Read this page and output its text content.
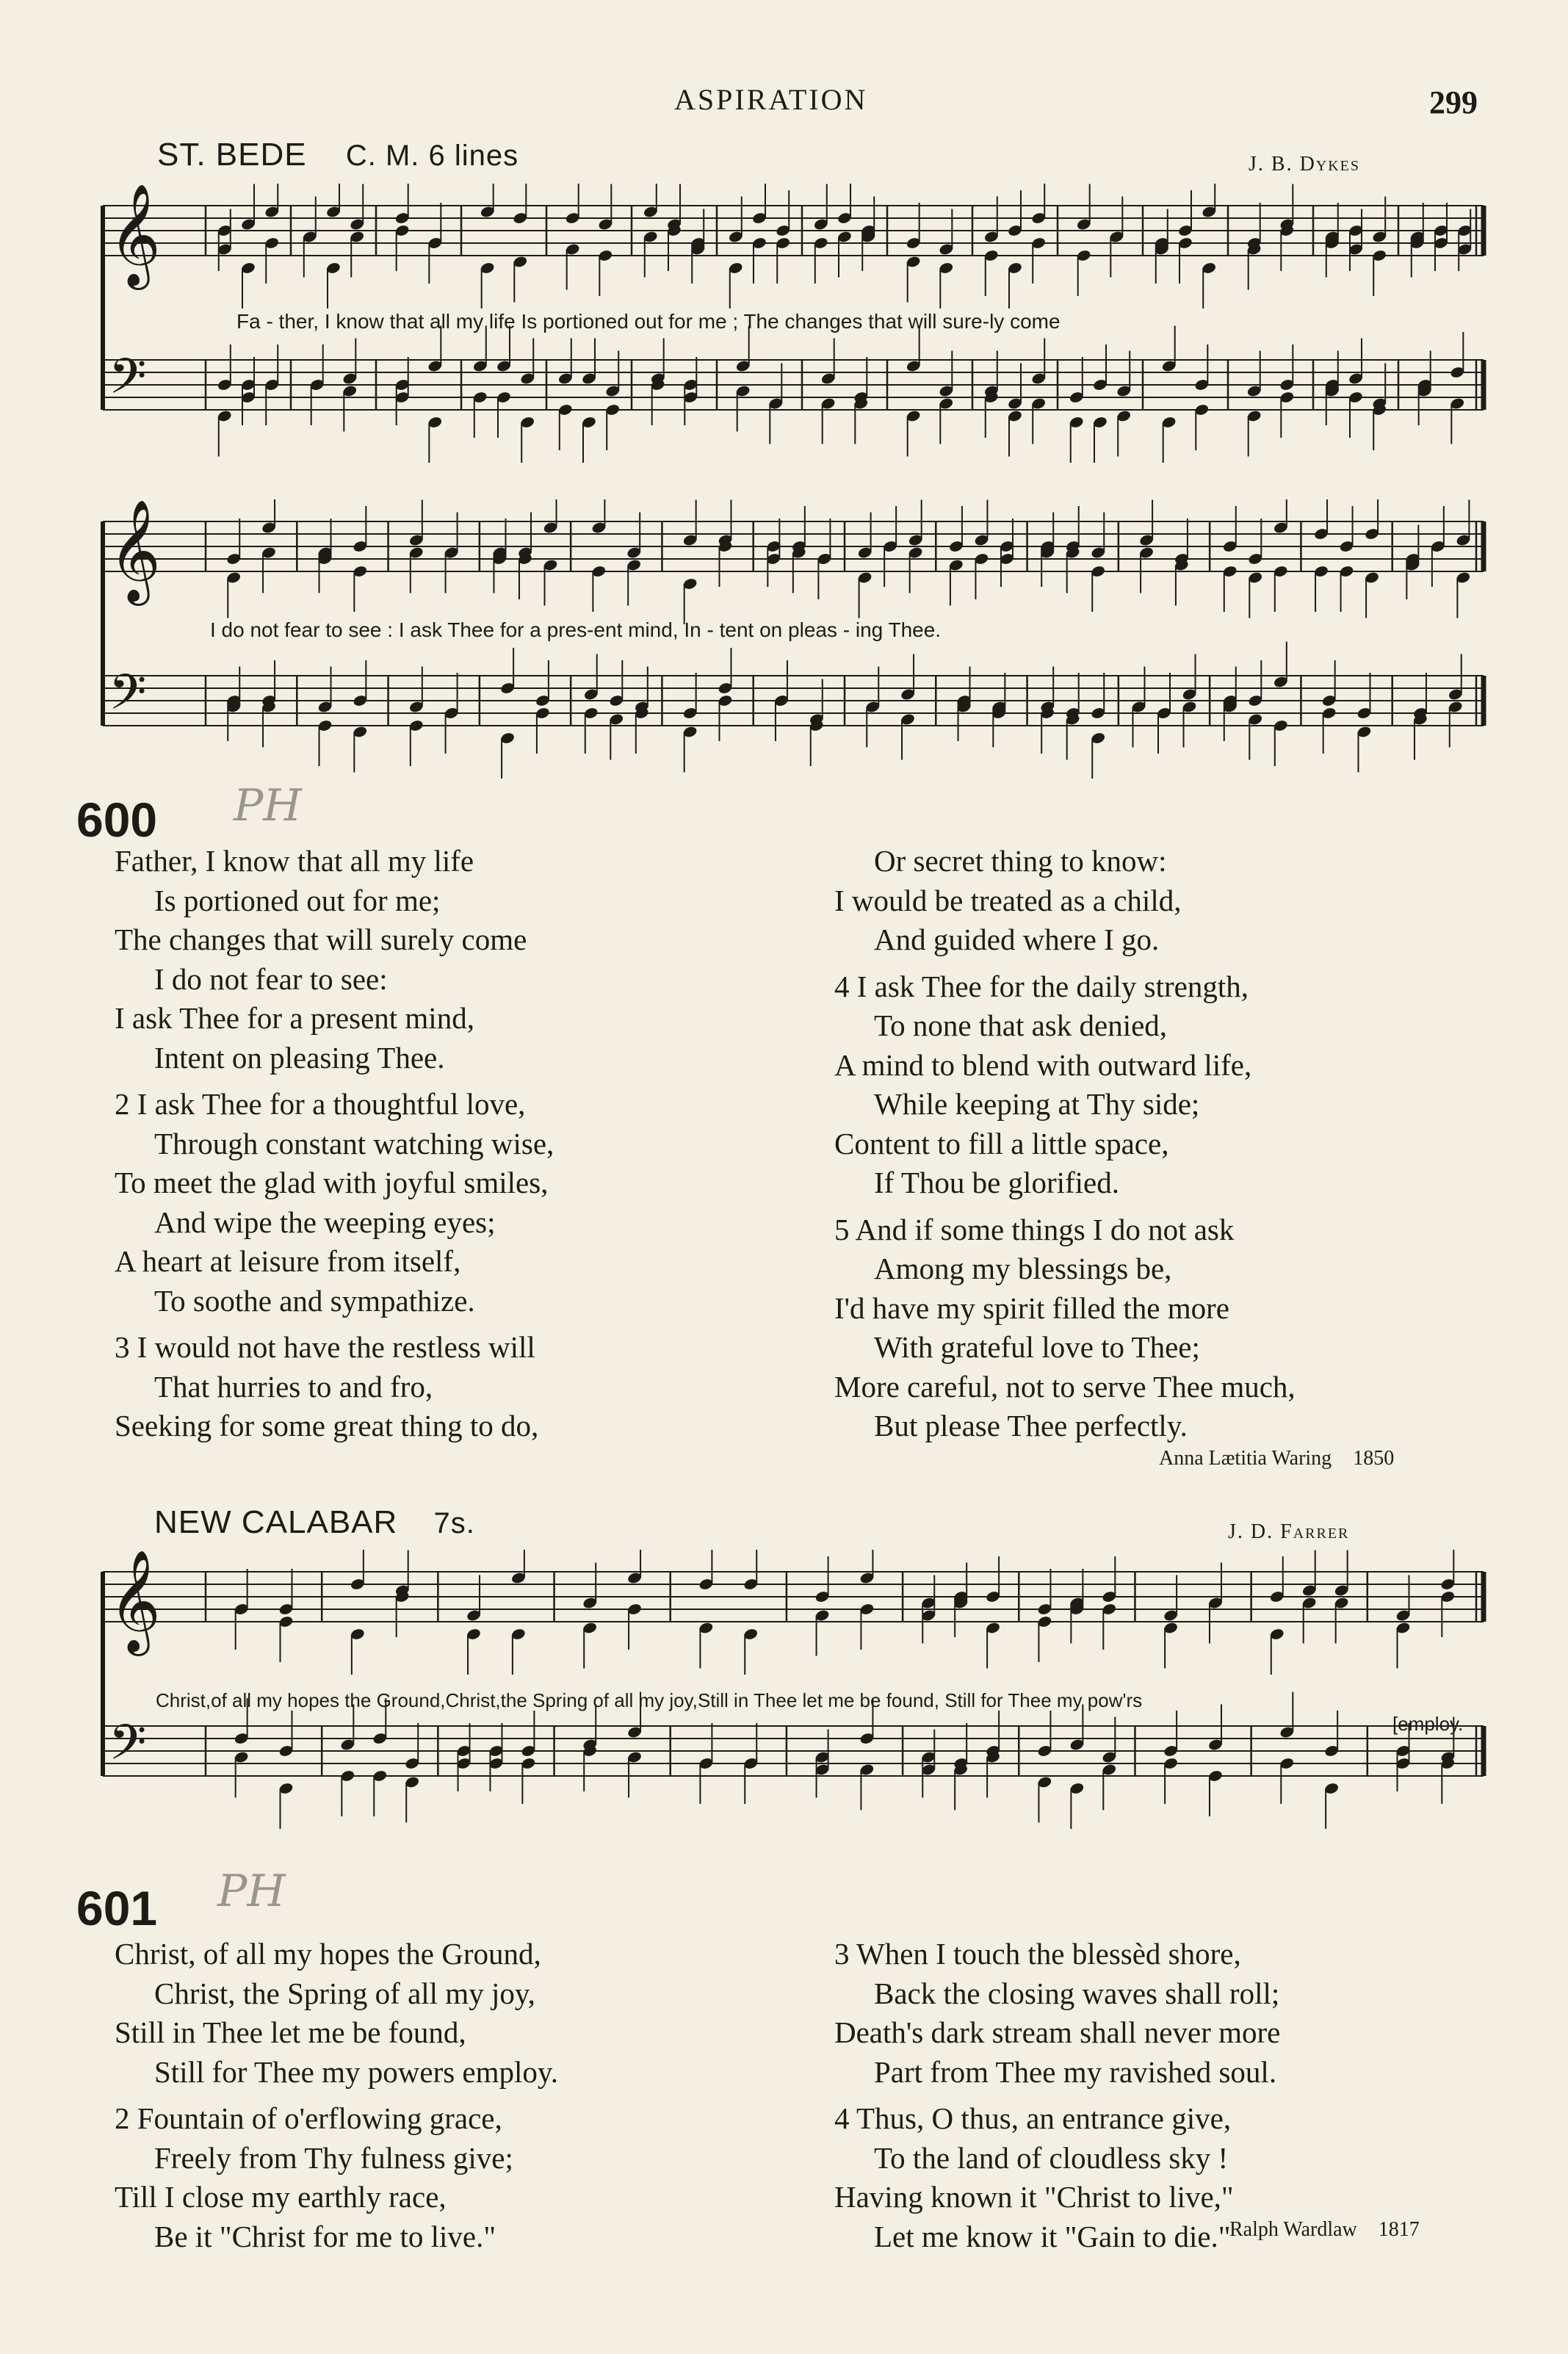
ASPIRATION	299
ST. BEDE C. M. 6 lines	J. B. Dykes
𝄞
𝄢
Fa - ther, I know that all my life Is portioned out for me ; The changes that will sure-ly come
𝄞
𝄢
I do not fear to see : I ask Thee for a pres-ent mind, In - tent on pleas - ing Thee.
600 PH
Father, I know that all my life
Is portioned out for me;
The changes that will surely come
I do not fear to see:
I ask Thee for a present mind,
Intent on pleasing Thee.
2 I ask Thee for a thoughtful love,
Through constant watching wise,
To meet the glad with joyful smiles,
And wipe the weeping eyes;
A heart at leisure from itself,
To soothe and sympathize.
3 I would not have the restless will
That hurries to and fro,
Seeking for some great thing to do,
Or secret thing to know:
I would be treated as a child,
And guided where I go.
4 I ask Thee for the daily strength,
To none that ask denied,
A mind to blend with outward life,
While keeping at Thy side;
Content to fill a little space,
If Thou be glorified.
5 And if some things I do not ask
Among my blessings be,
I'd have my spirit filled the more
With grateful love to Thee;
More careful, not to serve Thee much,
But please Thee perfectly.
Anna Lætitia Waring 1850
NEW CALABAR 7s.	J. D. Farrer
𝄞
𝄢
Christ,of all my hopes the Ground,Christ,the Spring of all my joy,Still in Thee let me be found, Still for Thee my pow'rs
[employ.
601 PH
Christ, of all my hopes the Ground,
Christ, the Spring of all my joy,
Still in Thee let me be found,
Still for Thee my powers employ.
2 Fountain of o'erflowing grace,
Freely from Thy fulness give;
Till I close my earthly race,
Be it "Christ for me to live."
3 When I touch the blessèd shore,
Back the closing waves shall roll;
Death's dark stream shall never more
Part from Thee my ravished soul.
4 Thus, O thus, an entrance give,
To the land of cloudless sky !
Having known it "Christ to live,"
Let me know it "Gain to die."
Ralph Wardlaw 1817
